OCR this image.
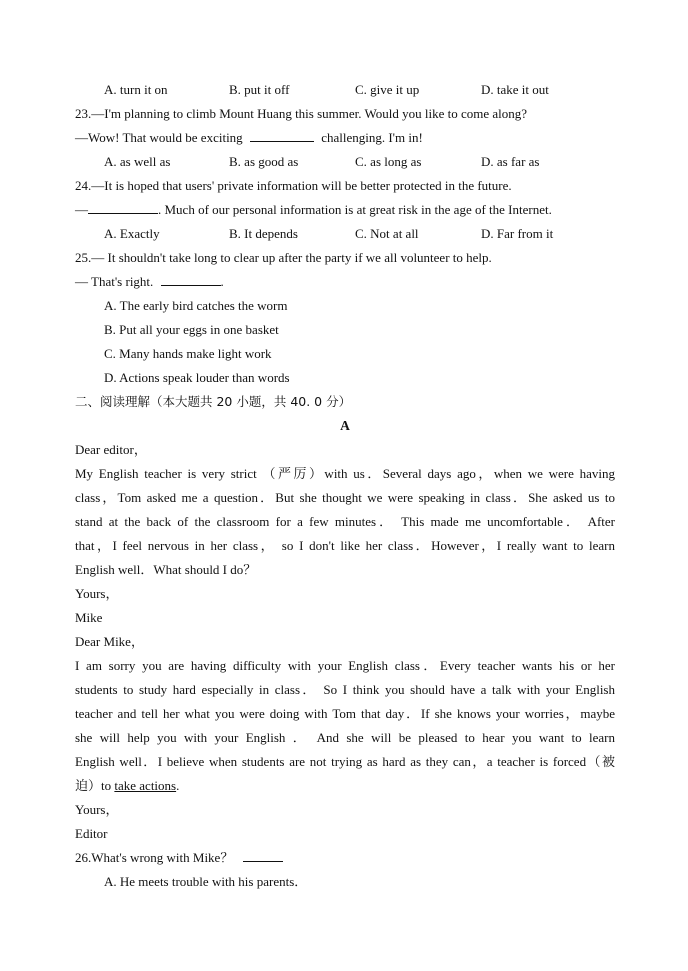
A. turn it on	B. put it off	C. give it up	D. take it out
23.—I'm planning to climb Mount Huang this summer. Would you like to come along?
—Wow! That would be exciting	challenging. I'm in!
A. as well as	B. as good as	C. as long as	D. as far as
24.—It is hoped that users' private information will be better protected in the future.
—	. Much of our personal information is at great risk in the age of the Internet.
A. Exactly	B. It depends	C. Not at all	D. Far from it
25.— It shouldn't take long to clear up after the party if we all volunteer to help.
— That's right.	.
A. The early bird catches the worm
B. Put all your eggs in one basket
C. Many hands make light work
D. Actions speak louder than words
二、阅读理解（本大题共 20 小题，共 40. 0 分）
A
Dear editor，
My English teacher is very strict （严厉）with us．Several days ago，when we were having
class，Tom asked me a question．But she thought we were speaking in class．She asked us to
stand at the back of the classroom for a few minutes． This made me uncomfortable． After
that，I feel nervous in her class， so I don't like her class．However，I really want to learn
English well．What should I do？
Yours，
Mike
Dear Mike，
I am sorry you are having difficulty with your English class．Every teacher wants his or her
students to study hard especially in class． So I think you should have a talk with your English
teacher and tell her what you were doing with Tom that day．If she knows your worries，maybe
she will help you with your English ． And she will be pleased to hear you want to learn
English well．I believe when students are not trying as hard as they can，a teacher is forced（被
迫）to take actions.
Yours，
Editor
26.What's wrong with Mike？
A. He meets trouble with his parents．
